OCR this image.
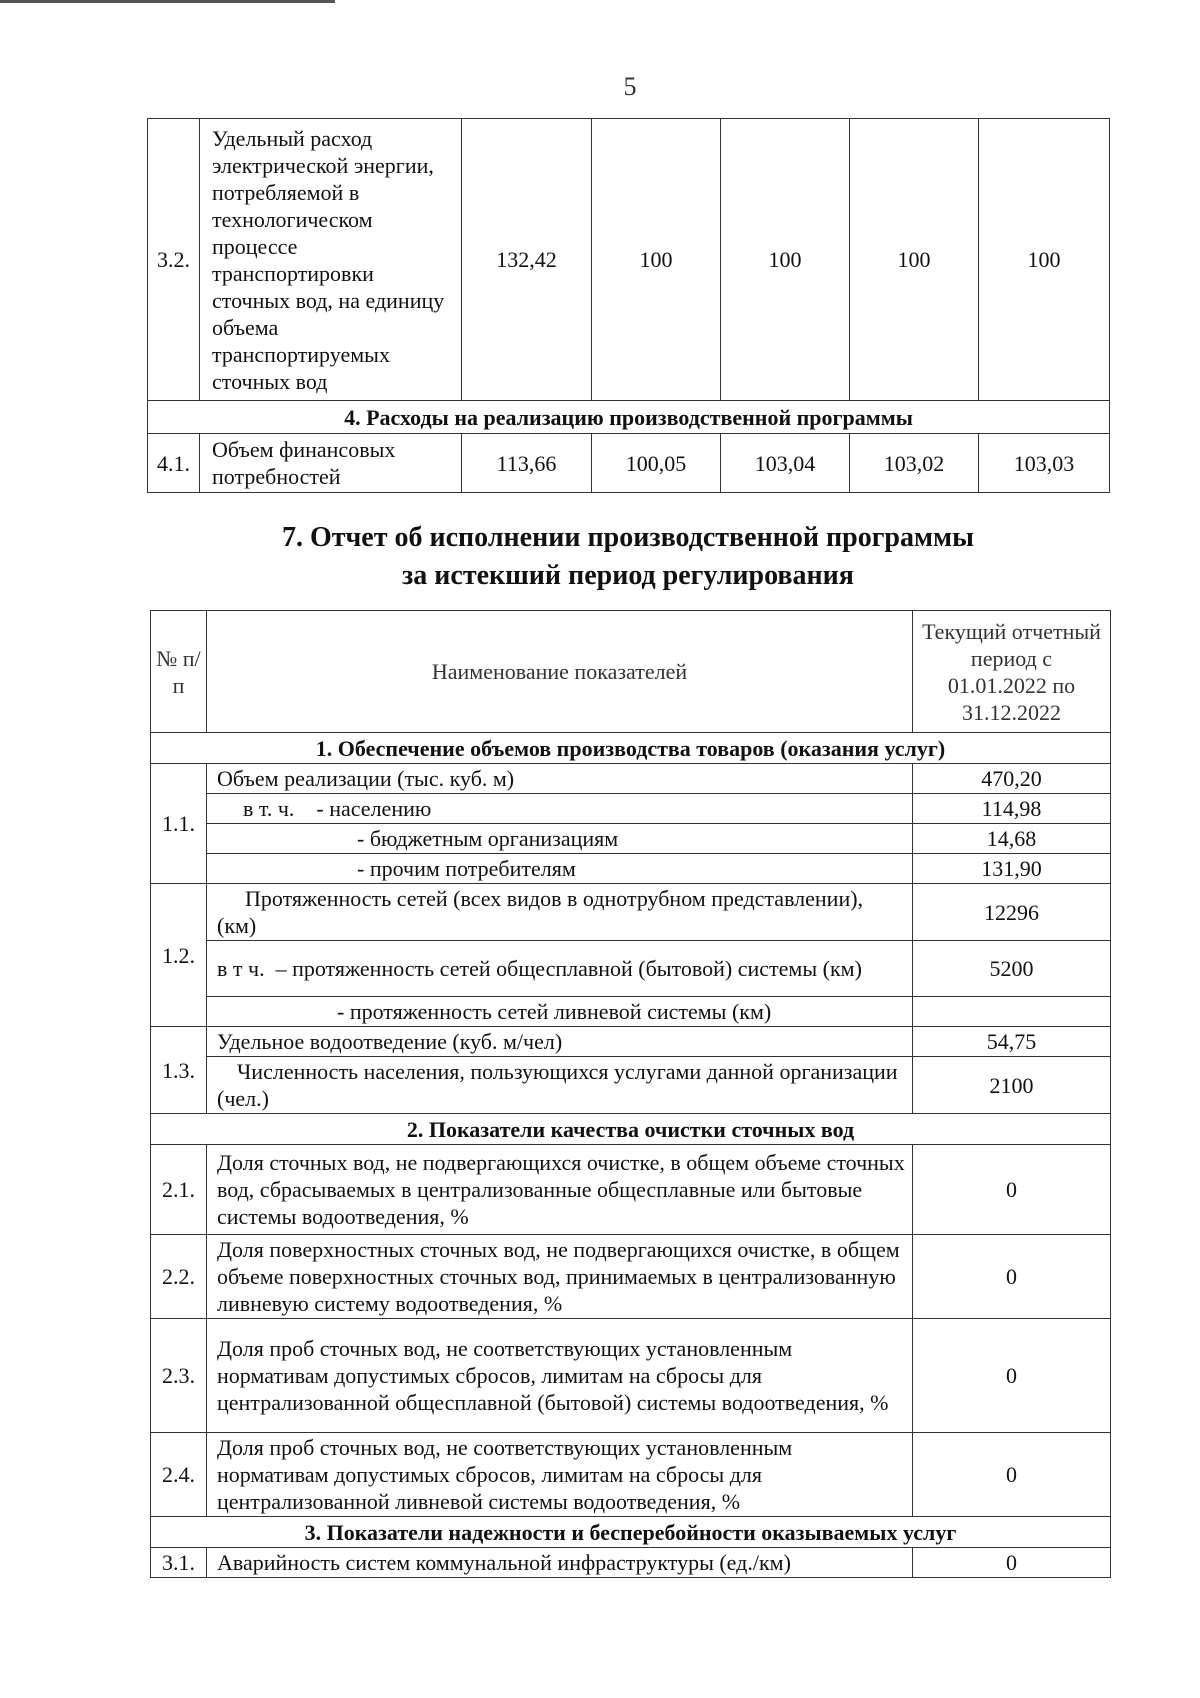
5
3.2.	Удельный расход электрической энергии, потребляемой в технологическом процессе транспортировки сточных вод, на единицу объема транспортируемых сточных вод	132,42	100	100	100	100
4. Расходы на реализацию производственной программы						
4.1.	Объем финансовых потребностей	113,66	100,05	103,04	103,02	103,03
7. Отчет об исполнении производственной программы
за истекший период регулирования
№ п/п	Наименование показателей	Текущий отчетный период с 01.01.2022 по 31.12.2022
1. Обеспечение объемов производства товаров (оказания услуг)		
1.1.	Объем реализации (тыс. куб. м)	470,20
	в т. ч.    - населению	114,98
	- бюджетным организациям	14,68
	- прочим потребителям	131,90
1.2.	Протяженность сетей (всех видов в однотрубном представлении), (км)	12296
	в т ч.  – протяженность сетей общесплавной (бытовой) системы (км)	5200
	- протяженность сетей ливневой системы (км)	
1.3.	Удельное водоотведение (куб. м/чел)	54,75
	Численность населения, пользующихся услугами данной организации (чел.)	2100
2. Показатели качества очистки сточных вод		
2.1.	Доля сточных вод, не подвергающихся очистке, в общем объеме сточных вод, сбрасываемых в централизованные общесплавные или бытовые системы водоотведения, %	0
2.2.	Доля поверхностных сточных вод, не подвергающихся очистке, в общем объеме поверхностных сточных вод, принимаемых в централизованную ливневую систему водоотведения, %	0
2.3.	Доля проб сточных вод, не соответствующих установленным нормативам допустимых сбросов, лимитам на сбросы для централизованной общесплавной (бытовой) системы водоотведения, %	0
2.4.	Доля проб сточных вод, не соответствующих установленным нормативам допустимых сбросов, лимитам на сбросы для централизованной ливневой системы водоотведения, %	0
3. Показатели надежности и бесперебойности оказываемых услуг		
3.1.	Аварийность систем коммунальной инфраструктуры (ед./км)	0
